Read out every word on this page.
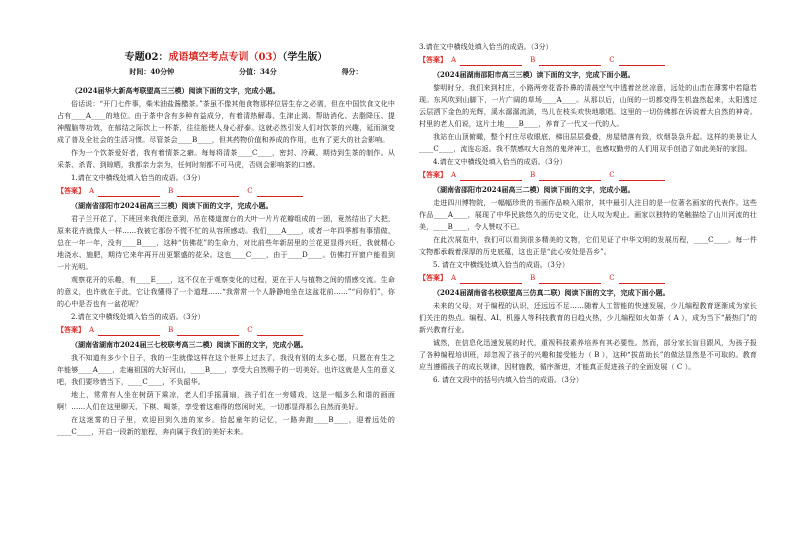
专题02：成语填空考点专训（03）（学生版）
时间：40分钟	分值：34分	得分：
（2024届华大新高考联盟高三三模）阅读下面的文字，完成小题。

俗话说：“开门七件事，柴米油盐酱醋茶。”茶虽不像其他食物那样位居生存之必需，但在中国饮食文化中占有____A____的地位。由于茶中含有多种有益成分，有着清热解毒、生津止渴、帮助消化、去脂降压、提神醒脑等功效，在郁结之际饮上一杯茶，往往能使人身心舒泰。这就必然引发人们对饮茶的兴趣，延而演变成了普及全社会的生活习惯。尽管茶会____B____，但其药物价值和养成的作用，也有了更大的社会影响。

作为一个饮茶爱好者，我有着情茶之癖。每每将清茶____C____，密封、冷藏、期待到生茶的制作。从采茶、杀青、到晾晒，我都亲力亲为，任何时刻都不可马虎，否则会影响茶的口感。

1.请在文中横线处填入恰当的成语。（3分）
【答案】 A	B	C
（湖南省邵阳市2024届高三三模）阅读下面的文字，完成小题。

君子兰开花了，下班回来我便注意到，吊在楼道窗台的大叶一片片花瓣组成的一团，竟然结出了大把，原来花卉就像人一样……我被它那份不慌不忙的从容所感动。我们____A____，或者一年四季都有事情做，总在一年一年，没有____B____，这种“仿佛花”的生命力，对比前些年新居里的兰花更显得兴旺，我就精心地浇水、施肥，期待它来年再开出更繁盛的花朵。这也____C____，由于____D____。仿佛打开窗户能看到一片光明。

观察花开的乐趣，有____E____，这不仅在于观察变化的过程，更在于人与植物之间的情感交流。生命的意义，也许就在于此，它让我懂得了一个道理……“我常常一个人静静地坐在这盆花前……”“问你们”，你的心中是否也有一盆花呢？

2.请在文中横线处填入恰当的成语。（3分）
【答案】 A	B	C
（湖南省湖南市2024届三七校联考高三二模）阅读下面的文字，完成小题。

我不知道有多少个日子，我的一生就像这样在这个世界上过去了，我没有别的太多心愿，只愿在有生之年能够____A____，走遍祖国的大好河山，____B____，享受大自然赐予的一切美好。也许这就是人生的意义吧，我们要珍惜当下，____C____，不负韶华。

地上，常常有人坐在树荫下乘凉，老人们手摇蒲扇，孩子们在一旁嬉戏，这是一幅多么和谐的画面啊！……人们在这里聊天、下棋、喝茶，享受着这难得的悠闲时光，一切都显得那么自然而美好。

在这迷雾的日子里，欢迎回到久违的家乡。拾起童年的记忆，一路奔跑____B____，迎着远处的____C____，开启一段新的旅程，奔向属于我们的美好未来。

3.请在文中横线处填入恰当的成语。（3分）
【答案】 A	B	C
（2024届湖南邵阳市高三三模）读下面的文字，完成下面小题。

黎明时分，我们来到村庄，小路两旁花香扑鼻的清晨空气中透着丝丝凉意，远处的山峦在薄雾中若隐若现。东风吹到山脚下，一片广阔的草场____A____。从那以后，山间的一切都变得生机盎然起来，太阳透过云层洒下金色的光辉，溪水潺潺流淌，鸟儿在枝头欢快地歌唱。这里的一切仿佛都在诉说着大自然的神奇。村里的老人们说，这片土地____B____，养育了一代又一代的人。

我站在山顶俯瞰，整个村庄尽收眼底，梯田层层叠叠，房屋错落有致，炊烟袅袅升起。这样的美景让人____C____，流连忘返。我不禁感叹大自然的鬼斧神工，也感叹勤劳的人们用双手创造了如此美好的家园。

4.请在文中横线处填入恰当的成语。（3分）
【答案】 A	B	C
（湖南省邵阳市2024届高三二模）阅读下面的文字，完成小题。

走进四川博物院，一幅幅珍贵的书画作品映入眼帘，其中最引人注目的是一位著名画家的代表作。这些作品____A____，展现了中华民族悠久的历史文化，让人叹为观止。画家以独特的笔触描绘了山川河流的壮美，____B____，令人赞叹不已。

在此次展览中，我们可以看到很多精美的文物，它们见证了中华文明的发展历程，____C____。每一件文物都承载着深厚的历史底蕴，这也正是“此心安处是吾乡”。

5. 请在文中横线处填入恰当的成语。（3分）
【答案】 A	B	C
（2024届湖南省名校联盟高三仿真二联）阅读下面的文字，完成下面小题。

未来的父母，对于编程的认识，还远远不足……随着人工智能的快速发展，少儿编程教育逐渐成为家长们关注的热点。编程、AI、机器人等科技教育的日趋火热，少儿编程如火如荼（ A ），成为当下“最热门”的新兴教育行业。

诚然，在信息化迅速发展的时代，重视科技素养培养有其必要性。然而，部分家长盲目跟风，为孩子报了各种编程培训班，却忽视了孩子的兴趣和接受能力（ B ），这种“拔苗助长”的做法显然是不可取的。教育应当遵循孩子的成长规律，因材施教，循序渐进，才能真正促进孩子的全面发展（ C ）。

6. 请在文段中的括号内填入恰当的成语。（3分）
